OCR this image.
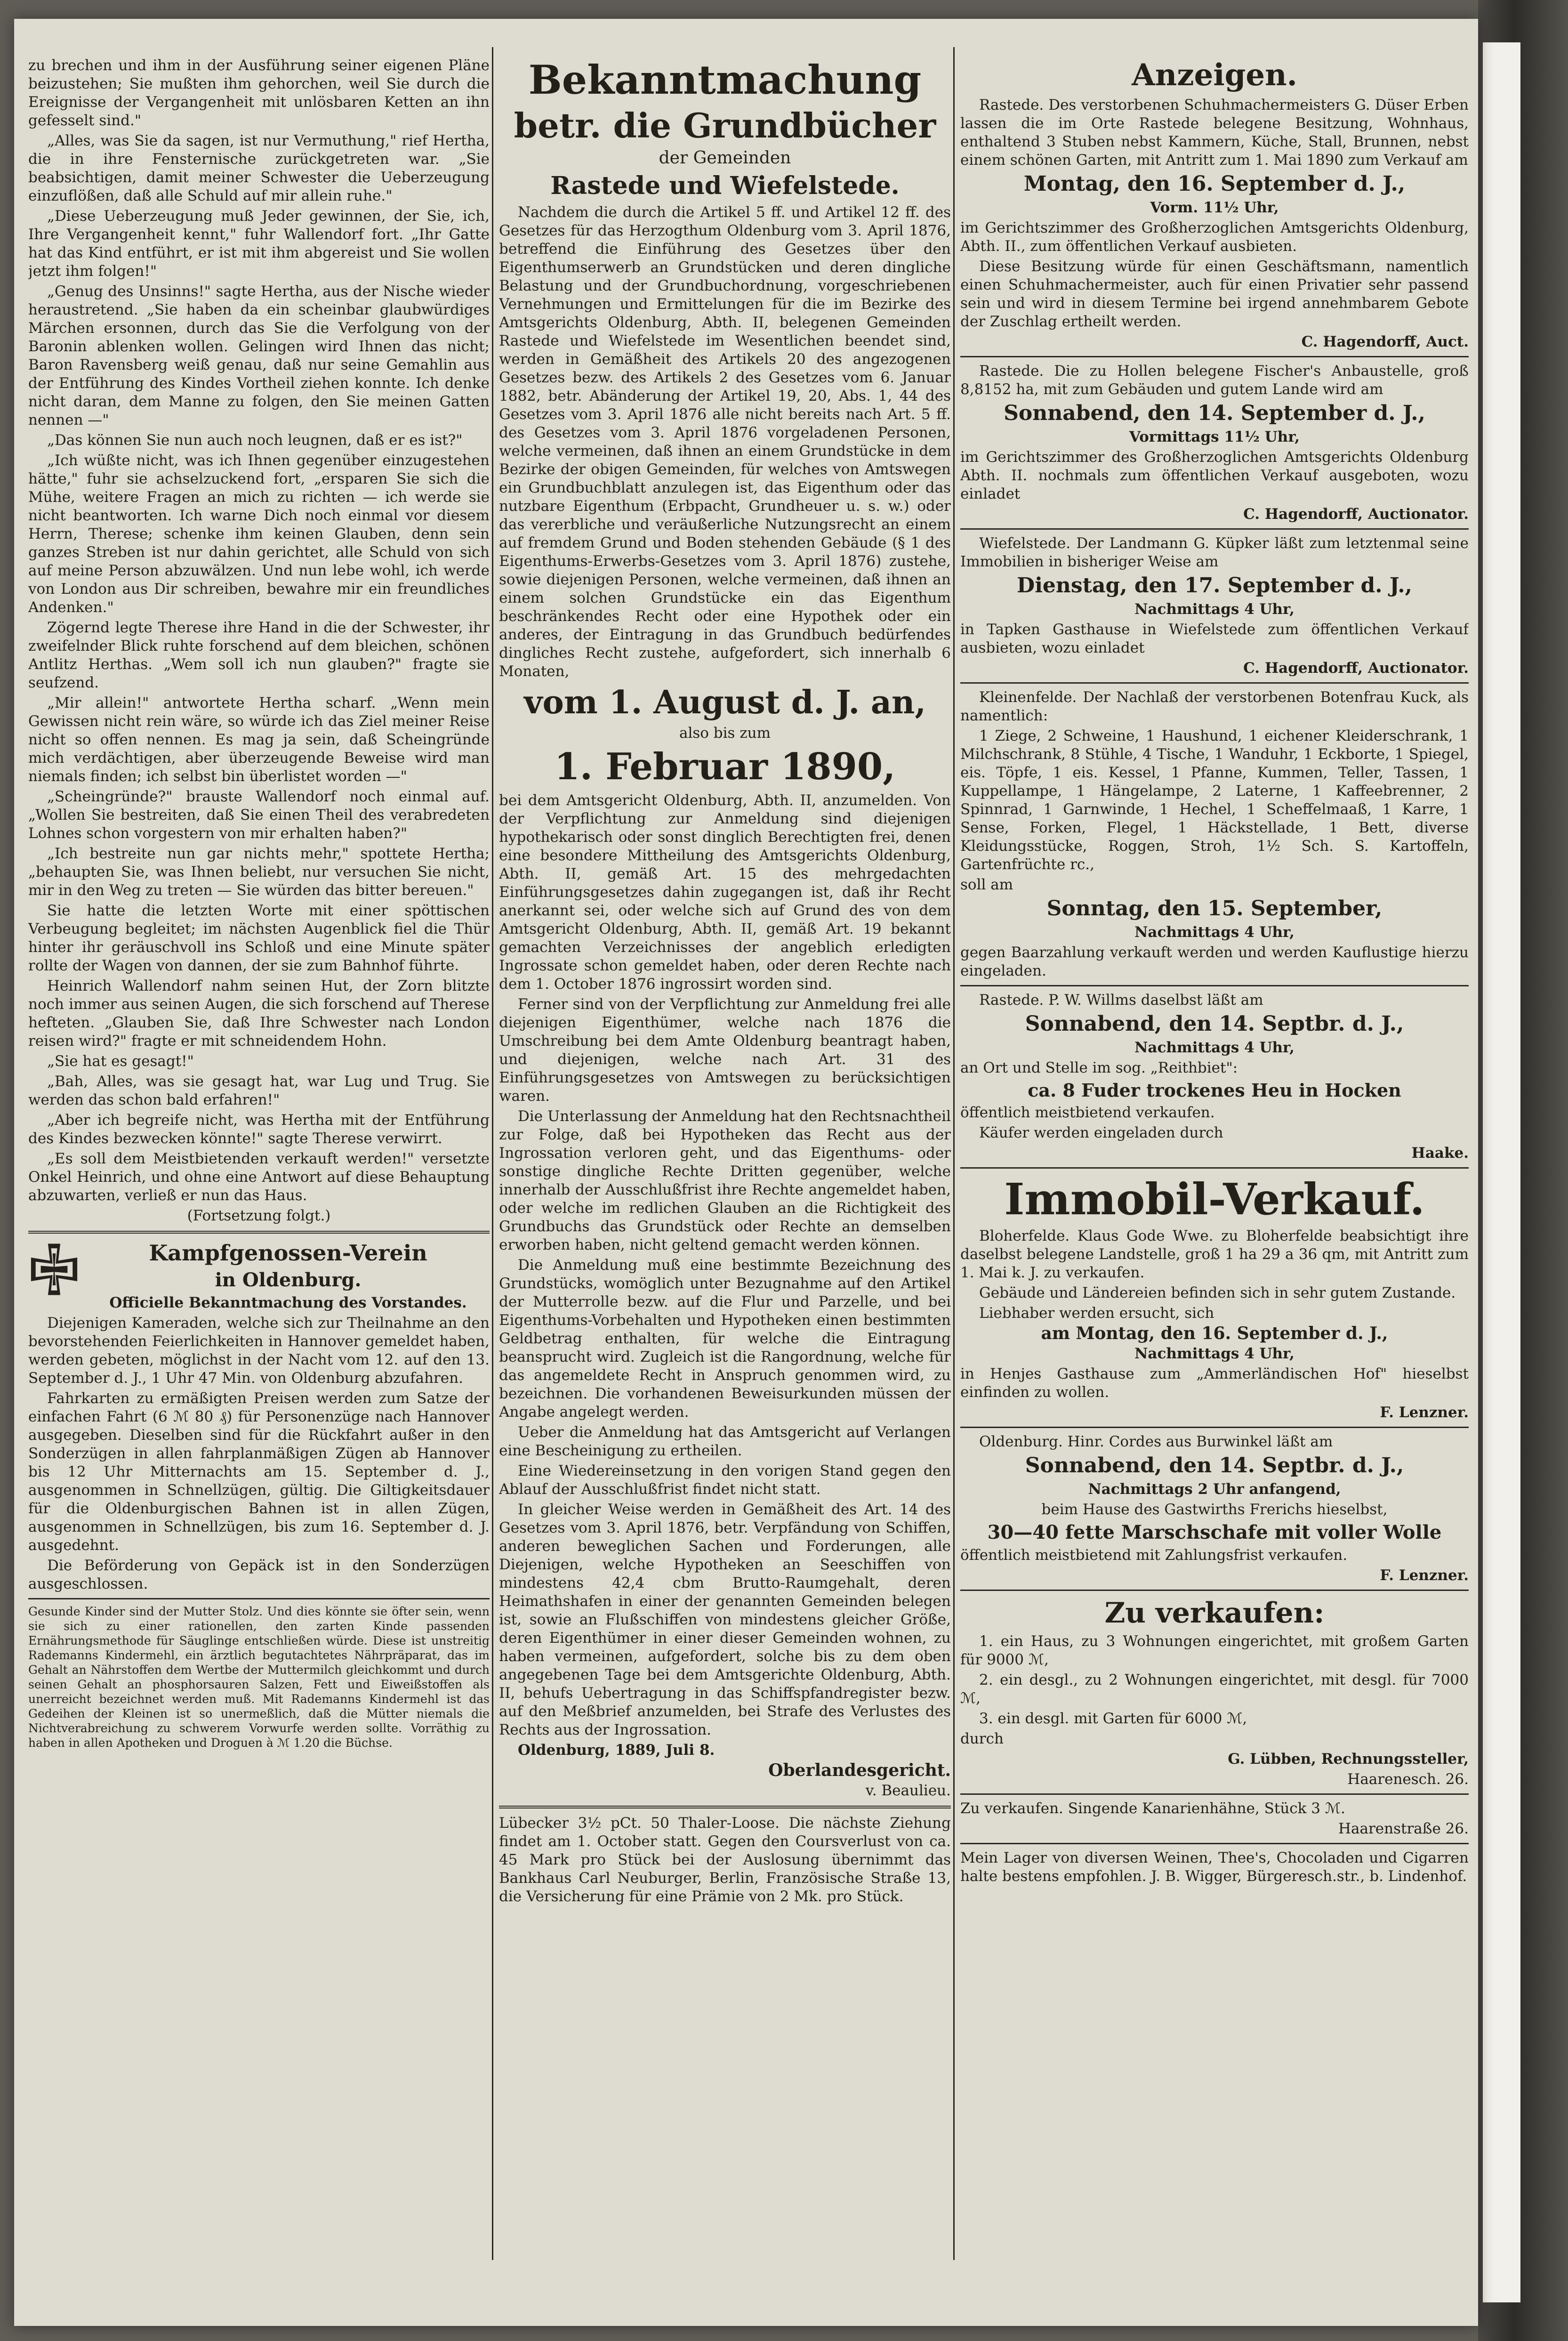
zu brechen und ihm in der Ausführung seiner eigenen Pläne beizustehen; Sie mußten ihm gehorchen, weil Sie durch die Ereignisse der Vergangenheit mit unlösbaren Ketten an ihn gefesselt sind."

„Alles, was Sie da sagen, ist nur Vermuthung," rief Hertha, die in ihre Fensternische zurückgetreten war. „Sie beabsichtigen, damit meiner Schwester die Ueberzeugung einzuflößen, daß alle Schuld auf mir allein ruhe."

„Diese Ueberzeugung muß Jeder gewinnen, der Sie, ich, Ihre Vergangenheit kennt," fuhr Wallendorf fort. „Ihr Gatte hat das Kind entführt, er ist mit ihm abgereist und Sie wollen jetzt ihm folgen!"

„Genug des Unsinns!" sagte Hertha, aus der Nische wieder heraustretend. „Sie haben da ein scheinbar glaubwürdiges Märchen ersonnen, durch das Sie die Verfolgung von der Baronin ablenken wollen. Gelingen wird Ihnen das nicht; Baron Ravensberg weiß genau, daß nur seine Gemahlin aus der Entführung des Kindes Vortheil ziehen konnte. Ich denke nicht daran, dem Manne zu folgen, den Sie meinen Gatten nennen —"

„Das können Sie nun auch noch leugnen, daß er es ist?"

„Ich wüßte nicht, was ich Ihnen gegenüber einzugestehen hätte," fuhr sie achselzuckend fort, „ersparen Sie sich die Mühe, weitere Fragen an mich zu richten — ich werde sie nicht beantworten. Ich warne Dich noch einmal vor diesem Herrn, Therese; schenke ihm keinen Glauben, denn sein ganzes Streben ist nur dahin gerichtet, alle Schuld von sich auf meine Person abzuwälzen. Und nun lebe wohl, ich werde von London aus Dir schreiben, bewahre mir ein freundliches Andenken."

Zögernd legte Therese ihre Hand in die der Schwester, ihr zweifelnder Blick ruhte forschend auf dem bleichen, schönen Antlitz Herthas. „Wem soll ich nun glauben?" fragte sie seufzend.

„Mir allein!" antwortete Hertha scharf. „Wenn mein Gewissen nicht rein wäre, so würde ich das Ziel meiner Reise nicht so offen nennen. Es mag ja sein, daß Scheingründe mich verdächtigen, aber überzeugende Beweise wird man niemals finden; ich selbst bin überlistet worden —"

„Scheingründe?" brauste Wallendorf noch einmal auf. „Wollen Sie bestreiten, daß Sie einen Theil des verabredeten Lohnes schon vorgestern von mir erhalten haben?"

„Ich bestreite nun gar nichts mehr," spottete Hertha; „behaupten Sie, was Ihnen beliebt, nur versuchen Sie nicht, mir in den Weg zu treten — Sie würden das bitter bereuen."

Sie hatte die letzten Worte mit einer spöttischen Verbeugung begleitet; im nächsten Augenblick fiel die Thür hinter ihr geräuschvoll ins Schloß und eine Minute später rollte der Wagen von dannen, der sie zum Bahnhof führte.

Heinrich Wallendorf nahm seinen Hut, der Zorn blitzte noch immer aus seinen Augen, die sich forschend auf Therese hefteten. „Glauben Sie, daß Ihre Schwester nach London reisen wird?" fragte er mit schneidendem Hohn.

„Sie hat es gesagt!"

„Bah, Alles, was sie gesagt hat, war Lug und Trug. Sie werden das schon bald erfahren!"

„Aber ich begreife nicht, was Hertha mit der Entführung des Kindes bezwecken könnte!" sagte Therese verwirrt.

„Es soll dem Meistbietenden verkauft werden!" versetzte Onkel Heinrich, und ohne eine Antwort auf diese Behauptung abzuwarten, verließ er nun das Haus.

(Fortsetzung folgt.)

Kampfgenossen-Verein

in Oldenburg.

Officielle Bekanntmachung des Vorstandes.

Diejenigen Kameraden, welche sich zur Theilnahme an den bevorstehenden Feierlichkeiten in Hannover gemeldet haben, werden gebeten, möglichst in der Nacht vom 12. auf den 13. September d. J., 1 Uhr 47 Min. von Oldenburg abzufahren.

Fahrkarten zu ermäßigten Preisen werden zum Satze der einfachen Fahrt (6 ℳ 80 ₰) für Personenzüge nach Hannover ausgegeben. Dieselben sind für die Rückfahrt außer in den Sonderzügen in allen fahrplanmäßigen Zügen ab Hannover bis 12 Uhr Mitternachts am 15. September d. J., ausgenommen in Schnellzügen, gültig. Die Giltigkeitsdauer für die Oldenburgischen Bahnen ist in allen Zügen, ausgenommen in Schnellzügen, bis zum 16. September d. J. ausgedehnt.

Die Beförderung von Gepäck ist in den Sonderzügen ausgeschlossen.

Gesunde Kinder sind der Mutter Stolz. Und dies könnte sie öfter sein, wenn sie sich zu einer rationellen, den zarten Kinde passenden Ernährungsmethode für Säuglinge entschließen würde. Diese ist unstreitig Rademanns Kindermehl, ein ärztlich begutachtetes Nährpräparat, das im Gehalt an Nährstoffen dem Wertbe der Muttermilch gleichkommt und durch seinen Gehalt an phosphorsauren Salzen, Fett und Eiweißstoffen als unerreicht bezeichnet werden muß. Mit Rademanns Kindermehl ist das Gedeihen der Kleinen ist so unermeßlich, daß die Mütter niemals die Nichtverabreichung zu schwerem Vorwurfe werden sollte. Vorräthig zu haben in allen Apotheken und Droguen à ℳ 1.20 die Büchse.

Bekanntmachung

betr. die Grundbücher

der Gemeinden

Rastede und Wiefelstede.

Nachdem die durch die Artikel 5 ff. und Artikel 12 ff. des Gesetzes für das Herzogthum Oldenburg vom 3. April 1876, betreffend die Einführung des Gesetzes über den Eigenthumserwerb an Grundstücken und deren dingliche Belastung und der Grundbuchordnung, vorgeschriebenen Vernehmungen und Ermittelungen für die im Bezirke des Amtsgerichts Oldenburg, Abth. II, belegenen Gemeinden Rastede und Wiefelstede im Wesentlichen beendet sind, werden in Gemäßheit des Artikels 20 des angezogenen Gesetzes bezw. des Artikels 2 des Gesetzes vom 6. Januar 1882, betr. Abänderung der Artikel 19, 20, Abs. 1, 44 des Gesetzes vom 3. April 1876 alle nicht bereits nach Art. 5 ff. des Gesetzes vom 3. April 1876 vorgeladenen Personen, welche vermeinen, daß ihnen an einem Grundstücke in dem Bezirke der obigen Gemeinden, für welches von Amtswegen ein Grundbuchblatt anzulegen ist, das Eigenthum oder das nutzbare Eigenthum (Erbpacht, Grundheuer u. s. w.) oder das vererbliche und veräußerliche Nutzungsrecht an einem auf fremdem Grund und Boden stehenden Gebäude (§ 1 des Eigenthums-Erwerbs-Gesetzes vom 3. April 1876) zustehe, sowie diejenigen Personen, welche vermeinen, daß ihnen an einem solchen Grundstücke ein das Eigenthum beschränkendes Recht oder eine Hypothek oder ein anderes, der Eintragung in das Grundbuch bedürfendes dingliches Recht zustehe, aufgefordert, sich innerhalb 6 Monaten,

vom 1. August d. J. an,

also bis zum

1. Februar 1890,

bei dem Amtsgericht Oldenburg, Abth. II, anzumelden. Von der Verpflichtung zur Anmeldung sind diejenigen hypothekarisch oder sonst dinglich Berechtigten frei, denen eine besondere Mittheilung des Amtsgerichts Oldenburg, Abth. II, gemäß Art. 15 des mehrgedachten Einführungsgesetzes dahin zugegangen ist, daß ihr Recht anerkannt sei, oder welche sich auf Grund des von dem Amtsgericht Oldenburg, Abth. II, gemäß Art. 19 bekannt gemachten Verzeichnisses der angeblich erledigten Ingrossate schon gemeldet haben, oder deren Rechte nach dem 1. October 1876 ingrossirt worden sind.

Ferner sind von der Verpflichtung zur Anmeldung frei alle diejenigen Eigenthümer, welche nach 1876 die Umschreibung bei dem Amte Oldenburg beantragt haben, und diejenigen, welche nach Art. 31 des Einführungsgesetzes von Amtswegen zu berücksichtigen waren.

Die Unterlassung der Anmeldung hat den Rechtsnachtheil zur Folge, daß bei Hypotheken das Recht aus der Ingrossation verloren geht, und das Eigenthums- oder sonstige dingliche Rechte Dritten gegenüber, welche innerhalb der Ausschlußfrist ihre Rechte angemeldet haben, oder welche im redlichen Glauben an die Richtigkeit des Grundbuchs das Grundstück oder Rechte an demselben erworben haben, nicht geltend gemacht werden können.

Die Anmeldung muß eine bestimmte Bezeichnung des Grundstücks, womöglich unter Bezugnahme auf den Artikel der Mutterrolle bezw. auf die Flur und Parzelle, und bei Eigenthums-Vorbehalten und Hypotheken einen bestimmten Geldbetrag enthalten, für welche die Eintragung beansprucht wird. Zugleich ist die Rangordnung, welche für das angemeldete Recht in Anspruch genommen wird, zu bezeichnen. Die vorhandenen Beweisurkunden müssen der Angabe angelegt werden.

Ueber die Anmeldung hat das Amtsgericht auf Verlangen eine Bescheinigung zu ertheilen.

Eine Wiedereinsetzung in den vorigen Stand gegen den Ablauf der Ausschlußfrist findet nicht statt.

In gleicher Weise werden in Gemäßheit des Art. 14 des Gesetzes vom 3. April 1876, betr. Verpfändung von Schiffen, anderen beweglichen Sachen und Forderungen, alle Diejenigen, welche Hypotheken an Seeschiffen von mindestens 42,4 cbm Brutto-Raumgehalt, deren Heimathshafen in einer der genannten Gemeinden belegen ist, sowie an Flußschiffen von mindestens gleicher Größe, deren Eigenthümer in einer dieser Gemeinden wohnen, zu haben vermeinen, aufgefordert, solche bis zu dem oben angegebenen Tage bei dem Amtsgerichte Oldenburg, Abth. II, behufs Uebertragung in das Schiffspfandregister bezw. auf den Meßbrief anzumelden, bei Strafe des Verlustes des Rechts aus der Ingrossation.

Oldenburg, 1889, Juli 8.

Oberlandesgericht.

v. Beaulieu.

Lübecker 3½ pCt. 50 Thaler-Loose. Die nächste Ziehung findet am 1. October statt. Gegen den Coursverlust von ca. 45 Mark pro Stück bei der Auslosung übernimmt das Bankhaus Carl Neuburger, Berlin, Französische Straße 13, die Versicherung für eine Prämie von 2 Mk. pro Stück.

Anzeigen.

Rastede. Des verstorbenen Schuhmachermeisters G. Düser Erben lassen die im Orte Rastede belegene Besitzung, Wohnhaus, enthaltend 3 Stuben nebst Kammern, Küche, Stall, Brunnen, nebst einem schönen Garten, mit Antritt zum 1. Mai 1890 zum Verkauf am

Montag, den 16. September d. J.,

Vorm. 11½ Uhr,

im Gerichtszimmer des Großherzoglichen Amtsgerichts Oldenburg, Abth. II., zum öffentlichen Verkauf ausbieten.

Diese Besitzung würde für einen Geschäftsmann, namentlich einen Schuhmachermeister, auch für einen Privatier sehr passend sein und wird in diesem Termine bei irgend annehmbarem Gebote der Zuschlag ertheilt werden.

C. Hagendorff, Auct.

Rastede. Die zu Hollen belegene Fischer's Anbaustelle, groß 8,8152 ha, mit zum Gebäuden und gutem Lande wird am

Sonnabend, den 14. September d. J.,

Vormittags 11½ Uhr,

im Gerichtszimmer des Großherzoglichen Amtsgerichts Oldenburg Abth. II. nochmals zum öffentlichen Verkauf ausgeboten, wozu einladet

C. Hagendorff, Auctionator.

Wiefelstede. Der Landmann G. Küpker läßt zum letztenmal seine Immobilien in bisheriger Weise am

Dienstag, den 17. September d. J.,

Nachmittags 4 Uhr,

in Tapken Gasthause in Wiefelstede zum öffentlichen Verkauf ausbieten, wozu einladet

C. Hagendorff, Auctionator.

Kleinenfelde. Der Nachlaß der verstorbenen Botenfrau Kuck, als namentlich:

1 Ziege, 2 Schweine, 1 Haushund, 1 eichener Kleiderschrank, 1 Milchschrank, 8 Stühle, 4 Tische, 1 Wanduhr, 1 Eckborte, 1 Spiegel, eis. Töpfe, 1 eis. Kessel, 1 Pfanne, Kummen, Teller, Tassen, 1 Kuppellampe, 1 Hängelampe, 2 Laterne, 1 Kaffeebrenner, 2 Spinnrad, 1 Garnwinde, 1 Hechel, 1 Scheffelmaaß, 1 Karre, 1 Sense, Forken, Flegel, 1 Häckstellade, 1 Bett, diverse Kleidungsstücke, Roggen, Stroh, 1½ Sch. S. Kartoffeln, Gartenfrüchte rc.,

soll am

Sonntag, den 15. September,

Nachmittags 4 Uhr,

gegen Baarzahlung verkauft werden und werden Kauflustige hierzu eingeladen.

Rastede. P. W. Willms daselbst läßt am

Sonnabend, den 14. Septbr. d. J.,

Nachmittags 4 Uhr,

an Ort und Stelle im sog. „Reithbiet":

ca. 8 Fuder trockenes Heu in Hocken

öffentlich meistbietend verkaufen.

Käufer werden eingeladen durch

Haake.

Immobil-Verkauf.

Bloherfelde. Klaus Gode Wwe. zu Bloherfelde beabsichtigt ihre daselbst belegene Landstelle, groß 1 ha 29 a 36 qm, mit Antritt zum 1. Mai k. J. zu verkaufen.

Gebäude und Ländereien befinden sich in sehr gutem Zustande.

Liebhaber werden ersucht, sich

am Montag, den 16. September d. J.,

Nachmittags 4 Uhr,

in Henjes Gasthause zum „Ammerländischen Hof" hieselbst einfinden zu wollen.

F. Lenzner.

Oldenburg. Hinr. Cordes aus Burwinkel läßt am

Sonnabend, den 14. Septbr. d. J.,

Nachmittags 2 Uhr anfangend,

beim Hause des Gastwirths Frerichs hieselbst,

30—40 fette Marschschafe mit voller Wolle

öffentlich meistbietend mit Zahlungsfrist verkaufen.

F. Lenzner.

Zu verkaufen:

1. ein Haus, zu 3 Wohnungen eingerichtet, mit großem Garten für 9000 ℳ,

2. ein desgl., zu 2 Wohnungen eingerichtet, mit desgl. für 7000 ℳ,

3. ein desgl. mit Garten für 6000 ℳ,

durch

G. Lübben, Rechnungssteller,

Haarenesch. 26.

Zu verkaufen. Singende Kanarienhähne, Stück 3 ℳ.

Haarenstraße 26.

Mein Lager von diversen Weinen, Thee's, Chocoladen und Cigarren halte bestens empfohlen. J. B. Wigger, Bürgeresch.str., b. Lindenhof.
